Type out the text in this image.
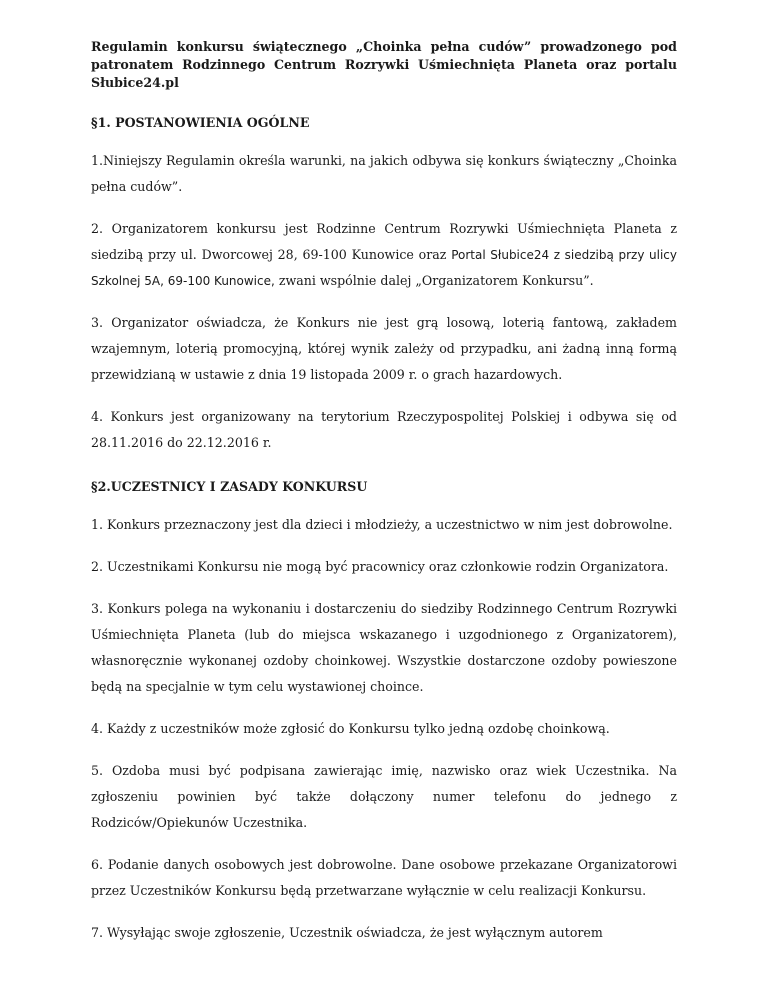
Regulamin konkursu świątecznego „Choinka pełna cudów” prowadzonego pod patronatem Rodzinnego Centrum Rozrywki Uśmiechnięta Planeta oraz portalu Słubice24.pl
§1. POSTANOWIENIA OGÓLNE

1.Niniejszy Regulamin określa warunki, na jakich odbywa się konkurs świąteczny „Choinka pełna cudów”.

2. Organizatorem konkursu jest Rodzinne Centrum Rozrywki Uśmiechnięta Planeta z siedzibą przy ul. Dworcowej 28, 69-100 Kunowice oraz Portal Słubice24 z siedzibą przy ulicy Szkolnej 5A, 69-100 Kunowice, zwani wspólnie dalej „Organizatorem Konkursu”.

3. Organizator oświadcza, że Konkurs nie jest grą losową, loterią fantową, zakładem wzajemnym, loterią promocyjną, której wynik zależy od przypadku, ani żadną inną formą przewidzianą w ustawie z dnia 19 listopada 2009 r. o grach hazardowych.

4. Konkurs jest organizowany na terytorium Rzeczypospolitej Polskiej i odbywa się od 28.11.2016 do 22.12.2016 r.

§2.UCZESTNICY I ZASADY KONKURSU

1. Konkurs przeznaczony jest dla dzieci i młodzieży, a uczestnictwo w nim jest dobrowolne.

2. Uczestnikami Konkursu nie mogą być pracownicy oraz członkowie rodzin Organizatora.

3. Konkurs polega na wykonaniu i dostarczeniu do siedziby Rodzinnego Centrum Rozrywki Uśmiechnięta Planeta (lub do miejsca wskazanego i uzgodnionego z Organizatorem), własnoręcznie wykonanej ozdoby choinkowej. Wszystkie dostarczone ozdoby powieszone będą na specjalnie w tym celu wystawionej choince.

4. Każdy z uczestników może zgłosić do Konkursu tylko jedną ozdobę choinkową.

5. Ozdoba musi być podpisana zawierając imię, nazwisko oraz wiek Uczestnika. Na zgłoszeniu powinien być także dołączony numer telefonu do jednego z Rodziców/Opiekunów Uczestnika.

6. Podanie danych osobowych jest dobrowolne. Dane osobowe przekazane Organizatorowi przez Uczestników Konkursu będą przetwarzane wyłącznie w celu realizacji Konkursu.

7. Wysyłając swoje zgłoszenie, Uczestnik oświadcza, że jest wyłącznym autorem
